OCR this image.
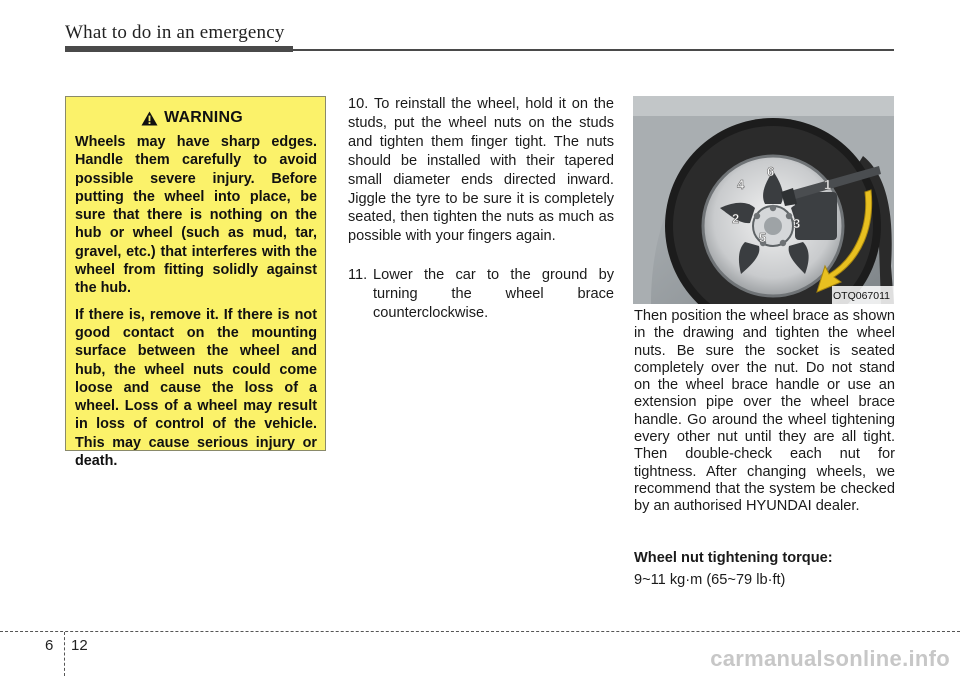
What to do in an emergency
WARNING

Wheels may have sharp edges. Handle them carefully to avoid possible severe injury. Before putting the wheel into place, be sure that there is nothing on the hub or wheel (such as mud, tar, gravel, etc.) that interferes with the wheel from fitting solidly against the hub.

If there is, remove it. If there is not good contact on the mounting surface between the wheel and hub, the wheel nuts could come loose and cause the loss of a wheel. Loss of a wheel may result in loss of control of the vehicle. This may cause serious injury or death.

10. To reinstall the wheel, hold it on the studs, put the wheel nuts on the studs and tighten them finger tight. The nuts should be installed with their tapered small diameter ends directed inward. Jiggle the tyre to be sure it is completely seated, then tighten the nuts as much as possible with your fingers again.
11. Lower the car to the ground by turning the wheel brace counterclockwise.
1
2	3
4
5
6
OTQ067011

Then position the wheel brace as shown in the drawing and tighten the wheel nuts. Be sure the socket is seated completely over the nut. Do not stand on the wheel brace handle or use an extension pipe over the wheel brace handle. Go around the wheel tightening every other nut until they are all tight. Then double-check each nut for tightness. After changing wheels, we recommend that the system be checked by an authorised HYUNDAI dealer.

Wheel nut tightening torque:
9~11 kg·m (65~79 lb·ft)
6 12
carmanualsonline.info
